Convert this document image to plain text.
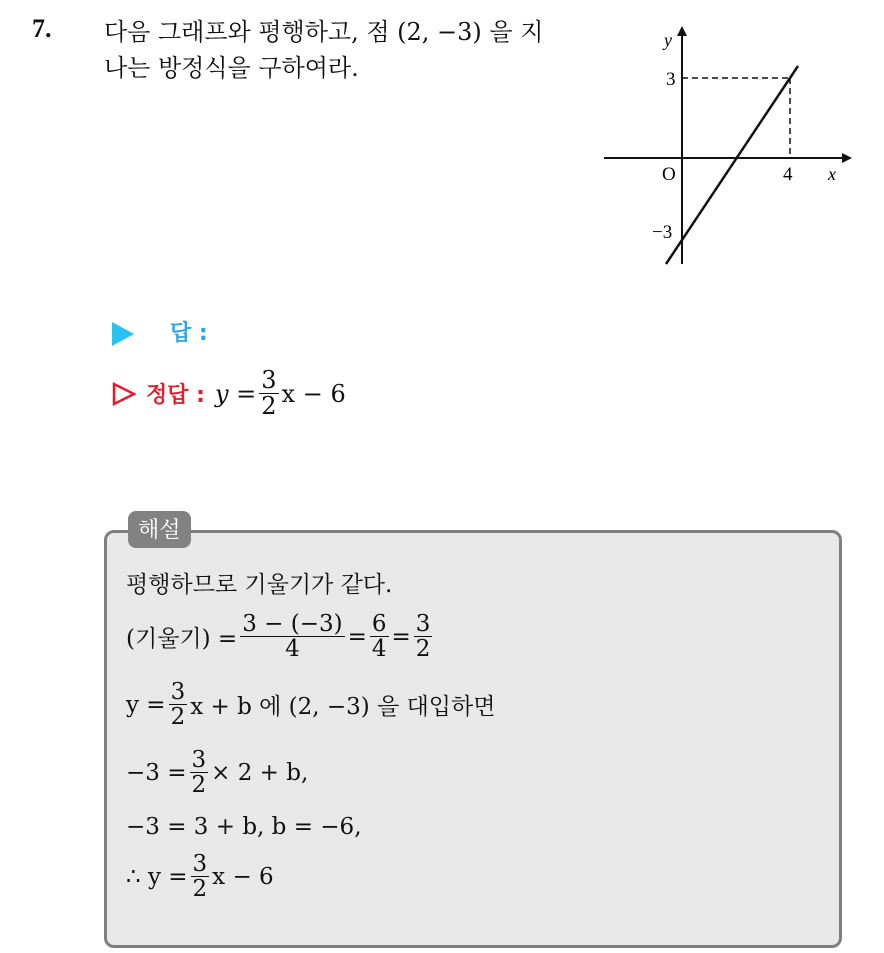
7. 다음 그래프와 평행하고, 점 (2, −3) 을 지
나는 방정식을 구하여라.
y
x
O
3
−3
4
답 :
정답 : $y = \frac{3}{2}$ x − 6
해설
평행하므로 기울기가 같다.
(기울기) = $\frac{3 - (-3)}{4} = \frac{6}{4} = \frac{3}{2}$
$y = \frac{3}{2}$ x + b 에 (2, −3) 을 대입하면
$-3 = \frac{3}{2} \times 2 + b$,
−3 = 3 + b, b = −6,
∴ $y = \frac{3}{2}$ x − 6
